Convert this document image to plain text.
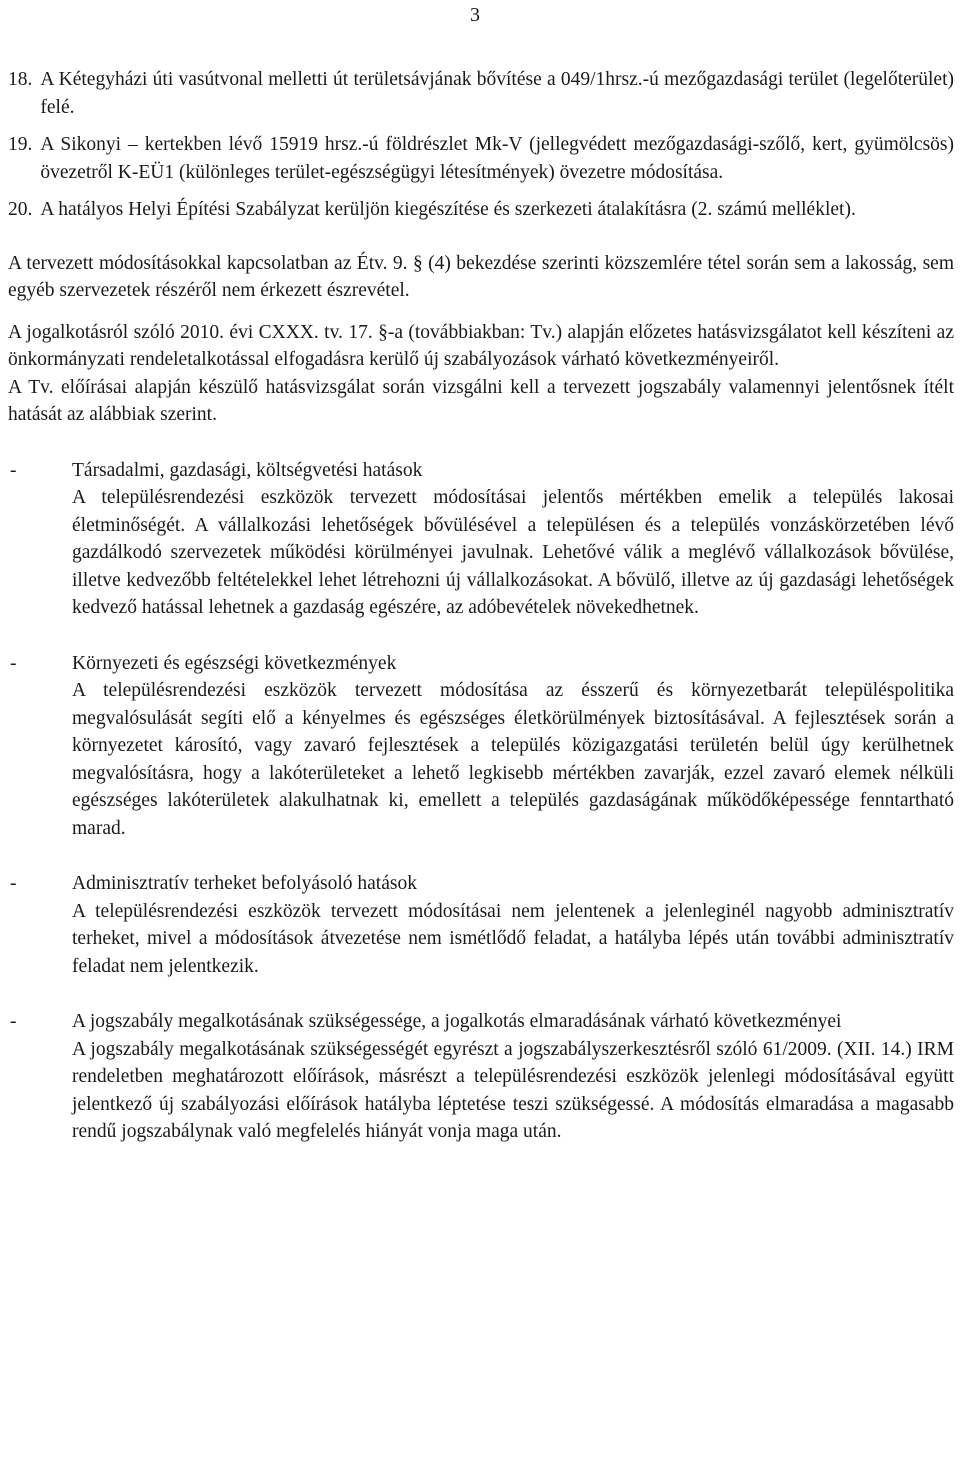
3
18. A Kétegyházi úti vasútvonal melletti út területsávjának bővítése a 049/1hrsz.-ú mezőgazdasági terület (legelőterület) felé.

19. A Sikonyi – kertekben lévő 15919 hrsz.-ú földrészlet Mk-V (jellegvédett mezőgazdasági-szőlő, kert, gyümölcsös) övezetről K-EÜ1 (különleges terület-egészségügyi létesítmények) övezetre módosítása.

20. A hatályos Helyi Építési Szabályzat kerüljön kiegészítése és szerkezeti átalakításra (2. számú melléklet).

A tervezett módosításokkal kapcsolatban az Étv. 9. § (4) bekezdése szerinti közszemlére tétel során sem a lakosság, sem egyéb szervezetek részéről nem érkezett észrevétel.

A jogalkotásról szóló 2010. évi CXXX. tv. 17. §-a (továbbiakban: Tv.) alapján előzetes hatásvizsgálatot kell készíteni az önkormányzati rendeletalkotással elfogadásra kerülő új szabályozások várható következményeiről.

A Tv. előírásai alapján készülő hatásvizsgálat során vizsgálni kell a tervezett jogszabály valamennyi jelentősnek ítélt hatását az alábbiak szerint.

-	Társadalmi, gazdasági, költségvetési hatások

A településrendezési eszközök tervezett módosításai jelentős mértékben emelik a település lakosai életminőségét. A vállalkozási lehetőségek bővülésével a településen és a település vonzáskörzetében lévő gazdálkodó szervezetek működési körülményei javulnak. Lehetővé válik a meglévő vállalkozások bővülése, illetve kedvezőbb feltételekkel lehet létrehozni új vállalkozásokat. A bővülő, illetve az új gazdasági lehetőségek kedvező hatással lehetnek a gazdaság egészére, az adóbevételek növekedhetnek.

-	Környezeti és egészségi következmények

A településrendezési eszközök tervezett módosítása az ésszerű és környezetbarát településpolitika megvalósulását segíti elő a kényelmes és egészséges életkörülmények biztosításával. A fejlesztések során a környezetet károsító, vagy zavaró fejlesztések a település közigazgatási területén belül úgy kerülhetnek megvalósításra, hogy a lakóterületeket a lehető legkisebb mértékben zavarják, ezzel zavaró elemek nélküli egészséges lakóterületek alakulhatnak ki, emellett a település gazdaságának működőképessége fenntartható marad.

-	Adminisztratív terheket befolyásoló hatások

A településrendezési eszközök tervezett módosításai nem jelentenek a jelenleginél nagyobb adminisztratív terheket, mivel a módosítások átvezetése nem ismétlődő feladat, a hatályba lépés után további adminisztratív feladat nem jelentkezik.

-	A jogszabály megalkotásának szükségessége, a jogalkotás elmaradásának várható következményei

A jogszabály megalkotásának szükségességét egyrészt a jogszabályszerkesztésről szóló 61/2009. (XII. 14.) IRM rendeletben meghatározott előírások, másrészt a településrendezési eszközök jelenlegi módosításával együtt jelentkező új szabályozási előírások hatályba léptetése teszi szükségessé. A módosítás elmaradása a magasabb rendű jogszabálynak való megfelelés hiányát vonja maga után.
